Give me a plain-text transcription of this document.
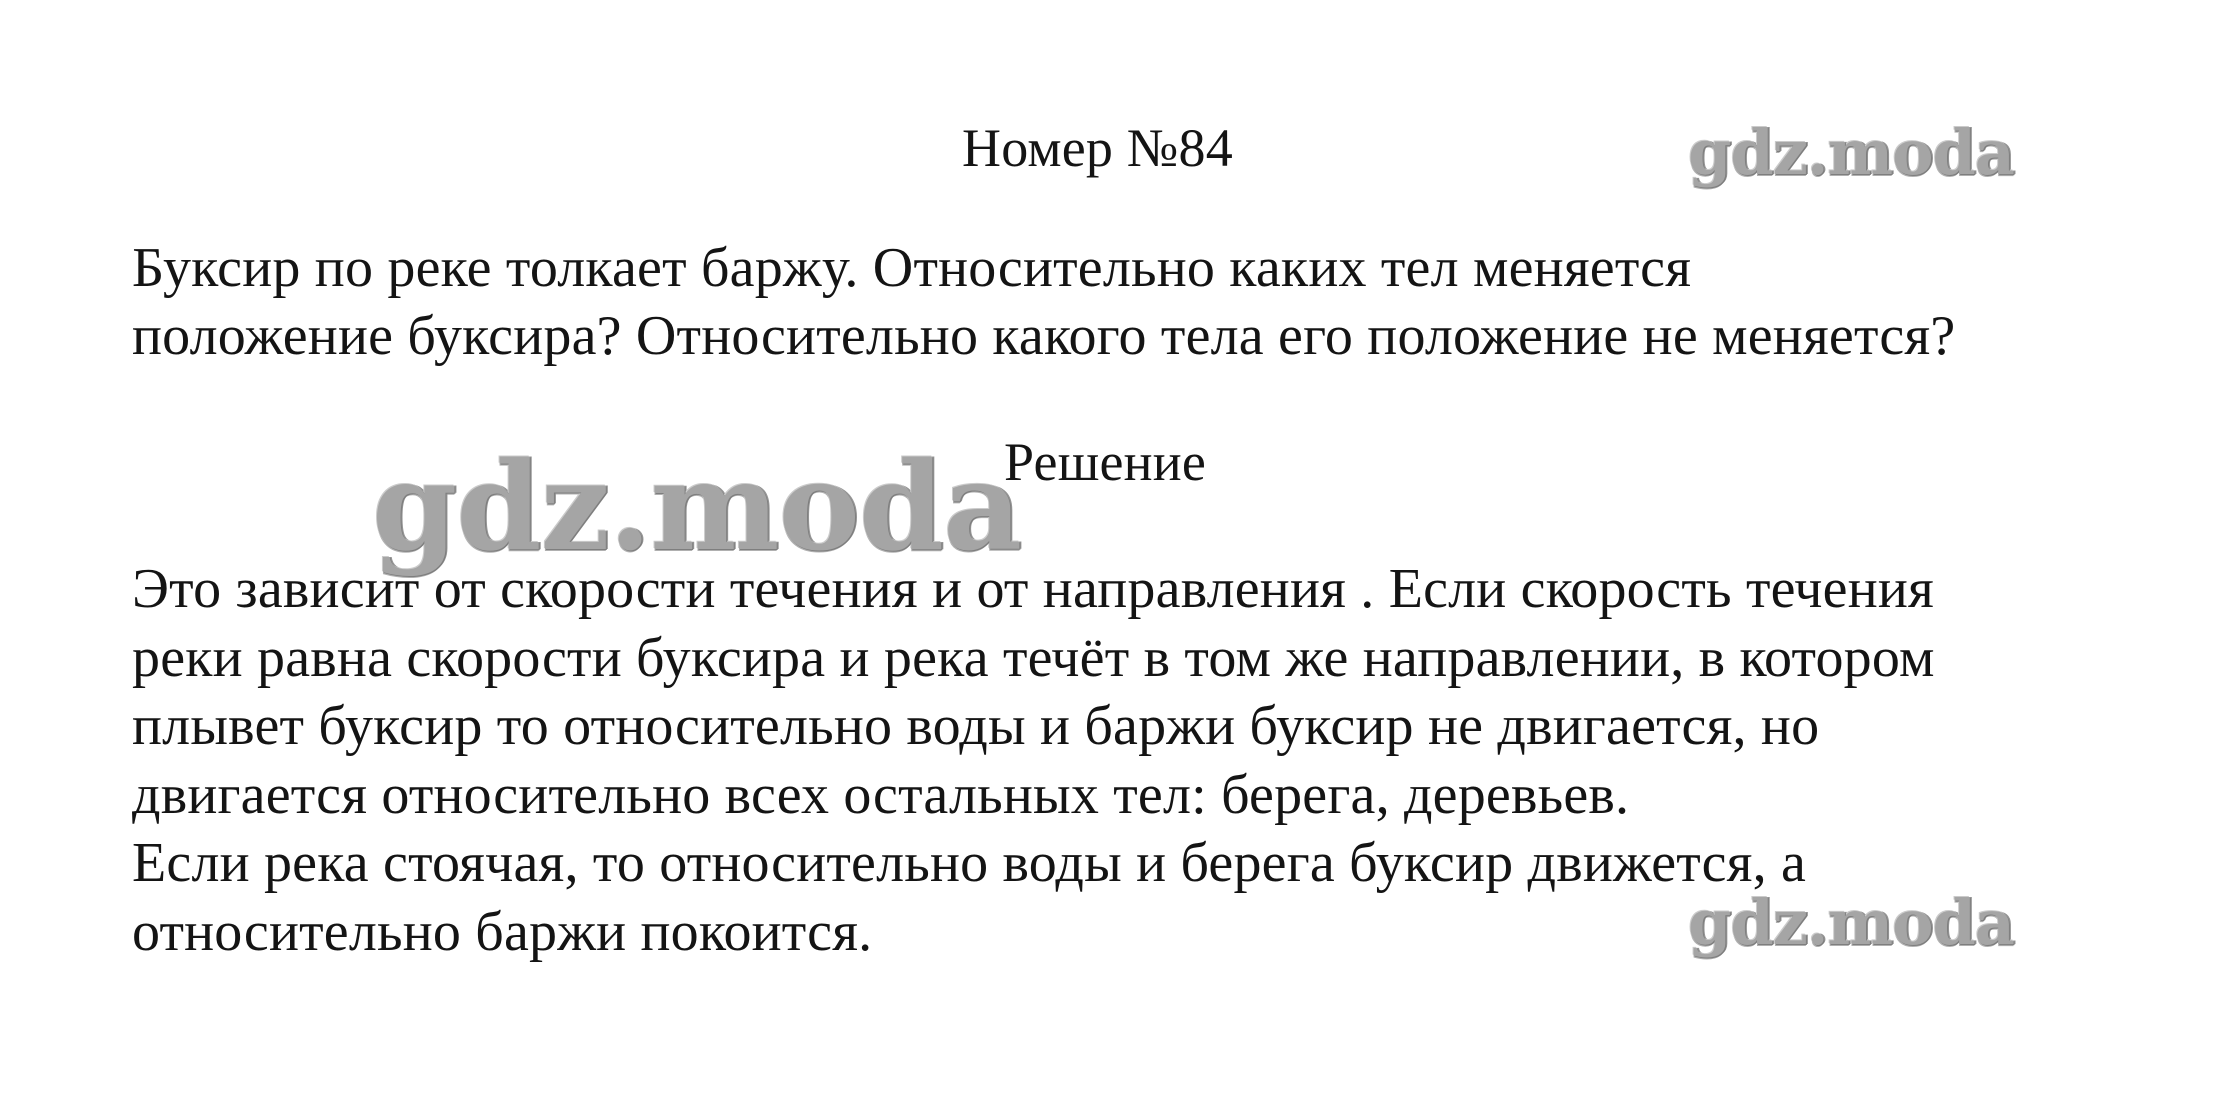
Номер №84	gdz.moda
Буксир по реке толкает баржу. Относительно каких тел меняется
положение буксира? Относительно какого тела его положение не меняется?
gdz.moda
Решение
Это зависит от скорости течения и от направления . Если скорость течения
реки равна скорости буксира и река течёт в том же направлении, в котором
плывет буксир то относительно воды и баржи буксир не двигается, но
двигается относительно всех остальных тел: берега, деревьев.
Если река стоячая, то относительно воды и берега буксир движется, а
относительно баржи покоится.	gdz.moda
